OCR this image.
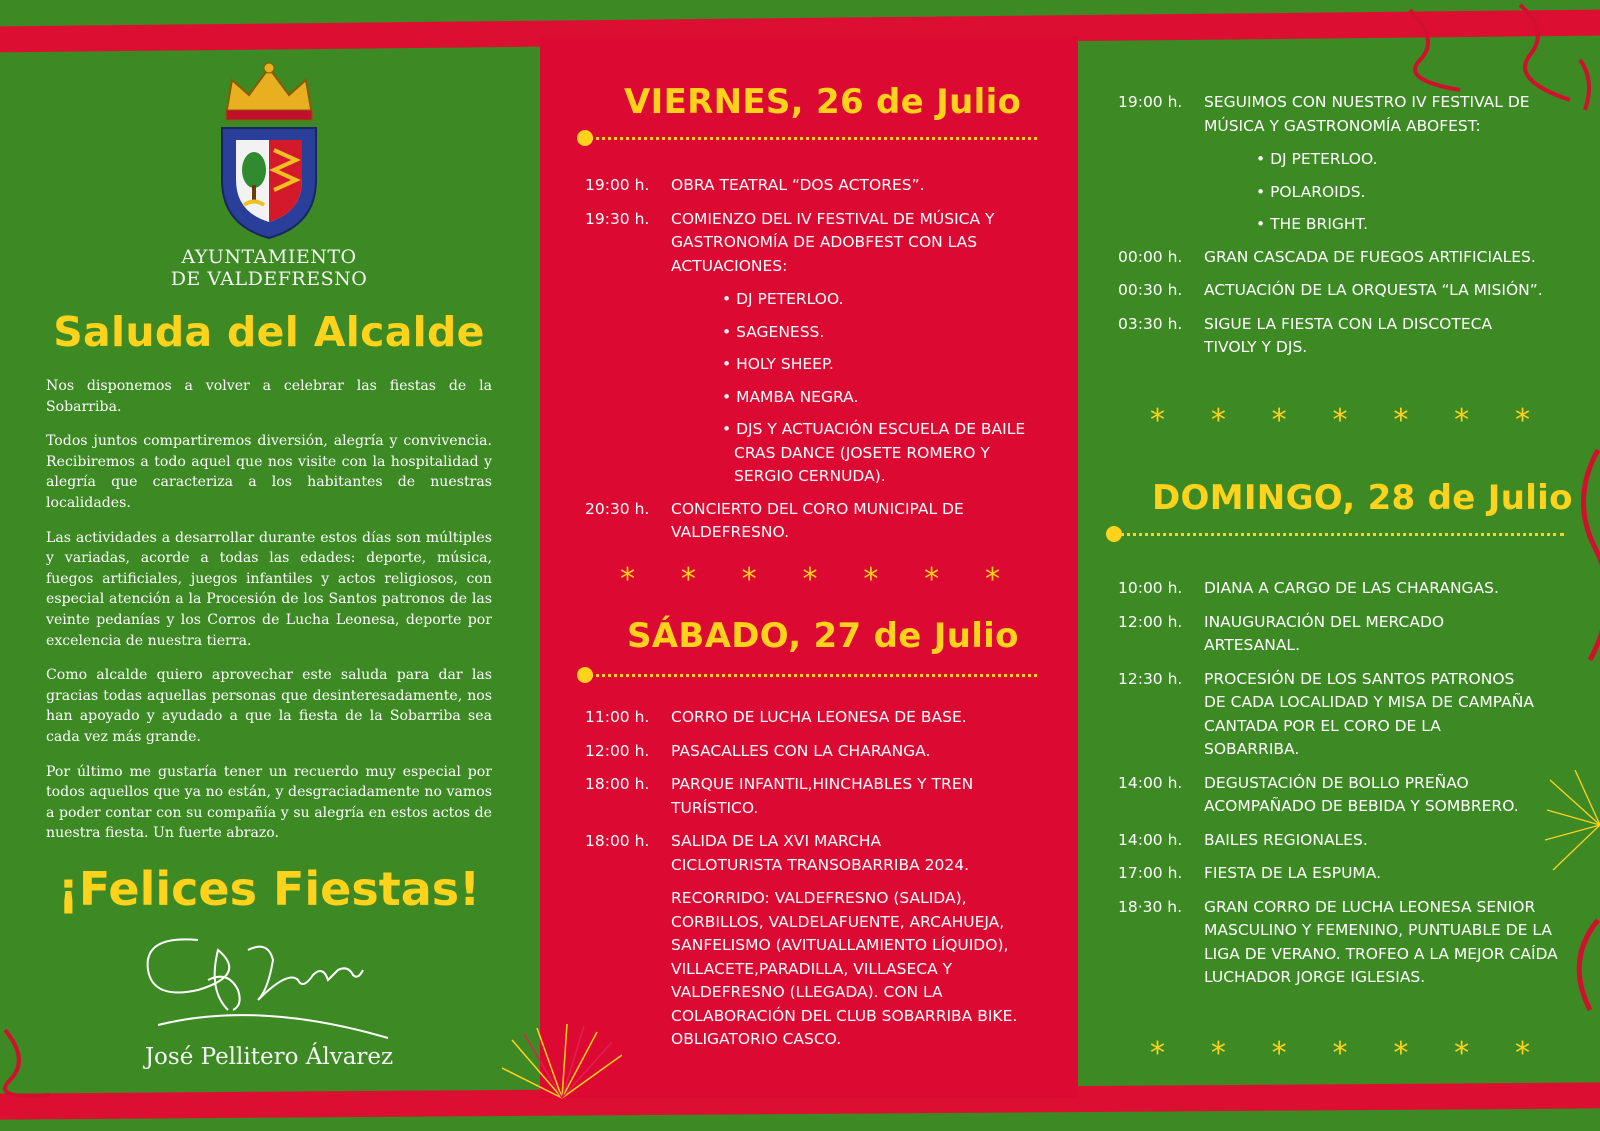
AYUNTAMIENTO
DE VALDEFRESNO
Saluda del Alcalde

Nos disponemos a volver a celebrar las fiestas de la Sobarriba.

Todos juntos compartiremos diversión, alegría y convivencia. Recibiremos a todo aquel que nos visite con la hospitalidad y alegría que caracteriza a los habitantes de nuestras localidades.

Las actividades a desarrollar durante estos días son múltiples y variadas, acorde a todas las edades: deporte, música, fuegos artificiales, juegos infantiles y actos religiosos, con especial atención a la Procesión de los Santos patronos de las veinte pedanías y los Corros de Lucha Leonesa, deporte por excelencia de nuestra tierra.

Como alcalde quiero aprovechar este saluda para dar las gracias todas aquellas personas que desinteresadamente, nos han apoyado y ayudado a que la fiesta de la Sobarriba sea cada vez más grande.

Por último me gustaría tener un recuerdo muy especial por todos aquellos que ya no están, y desgraciadamente no vamos a poder contar con su compañía y su alegría en estos actos de nuestra fiesta. Un fuerte abrazo.

¡Felices Fiestas!
José Pellitero Álvarez
VIERNES, 26 de Julio
19:00 h.	OBRA TEATRAL “DOS ACTORES”.
19:30 h.	COMIENZO DEL IV FESTIVAL DE MÚSICA Y GASTRONOMÍA DE ADOBFEST CON LAS ACTUACIONES:
• DJ PETERLOO.
• SAGENESS.
• HOLY SHEEP.
• MAMBA NEGRA.
• DJS Y ACTUACIÓN ESCUELA DE BAILE CRAS DANCE (JOSETE ROMERO Y SERGIO CERNUDA).
20:30 h.	CONCIERTO DEL CORO MUNICIPAL DE VALDEFRESNO.
* * * * * * *
SÁBADO, 27 de Julio
11:00 h.	CORRO DE LUCHA LEONESA DE BASE.
12:00 h.	PASACALLES CON LA CHARANGA.
18:00 h.	PARQUE INFANTIL,HINCHABLES Y TREN TURÍSTICO.
18:00 h.	SALIDA DE LA XVI MARCHA CICLOTURISTA TRANSOBARRIBA 2024.
RECORRIDO: VALDEFRESNO (SALIDA), CORBILLOS, VALDELAFUENTE, ARCAHUEJA, SANFELISMO (AVITUALLAMIENTO LÍQUIDO), VILLACETE,PARADILLA, VILLASECA Y VALDEFRESNO (LLEGADA). CON LA COLABORACIÓN DEL CLUB SOBARRIBA BIKE. OBLIGATORIO CASCO.
19:00 h.	SEGUIMOS CON NUESTRO IV FESTIVAL DE MÚSICA Y GASTRONOMÍA ABOFEST:
• DJ PETERLOO.
• POLAROIDS.
• THE BRIGHT.
00:00 h.	GRAN CASCADA DE FUEGOS ARTIFICIALES.
00:30 h.	ACTUACIÓN DE LA ORQUESTA “LA MISIÓN”.
03:30 h.	SIGUE LA FIESTA CON LA DISCOTECA TIVOLY Y DJS.
* * * * * * *
DOMINGO, 28 de Julio
10:00 h.	DIANA A CARGO DE LAS CHARANGAS.
12:00 h.	INAUGURACIÓN DEL MERCADO ARTESANAL.
12:30 h.	PROCESIÓN DE LOS SANTOS PATRONOS DE CADA LOCALIDAD Y MISA DE CAMPAÑA CANTADA POR EL CORO DE LA SOBARRIBA.
14:00 h.	DEGUSTACIÓN DE BOLLO PREÑAO ACOMPAÑADO DE BEBIDA Y SOMBRERO.
14:00 h.	BAILES REGIONALES.
17:00 h.	FIESTA DE LA ESPUMA.
18·30 h.	GRAN CORRO DE LUCHA LEONESA SENIOR MASCULINO Y FEMENINO, PUNTUABLE DE LA LIGA DE VERANO. TROFEO A LA MEJOR CAÍDA LUCHADOR JORGE IGLESIAS.
* * * * * * *
